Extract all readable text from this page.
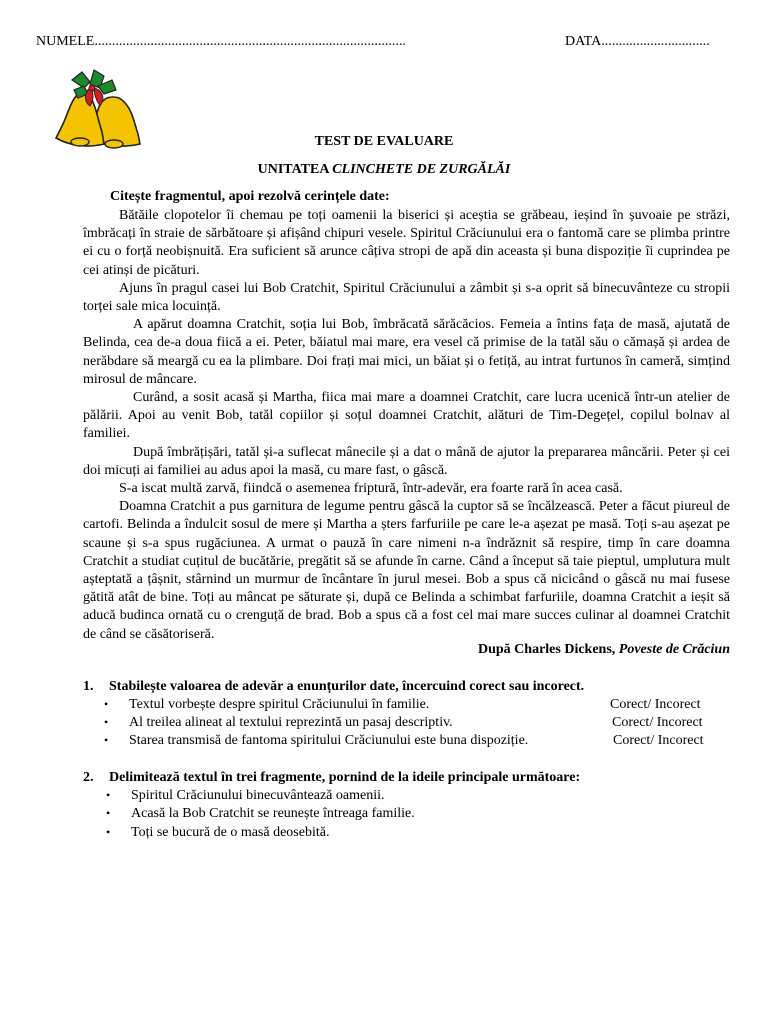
NUMELE.........................................................................................	DATA...............................
TEST DE EVALUARE
UNITATEA CLINCHETE DE ZURGĂLĂI
Citește fragmentul, apoi rezolvă cerințele date:

Bătăile clopotelor îi chemau pe toți oamenii la biserici și aceștia se grăbeau, ieșind în șuvoaie pe străzi, îmbrăcați în straie de sărbătoare și afișând chipuri vesele. Spiritul Crăciunului era o fantomă care se plimba printre ei cu o forță neobișnuită. Era suficient să arunce câțiva stropi de apă din aceasta și buna dispoziție îi cuprindea pe cei atinși de picături.

Ajuns în pragul casei lui Bob Cratchit, Spiritul Crăciunului a zâmbit și s-a oprit să binecuvânteze cu stropii torței sale mica locuință.

A apărut doamna Cratchit, soția lui Bob, îmbrăcată sărăcăcios. Femeia a întins fața de masă, ajutată de Belinda, cea de-a doua fiică a ei. Peter, băiatul mai mare, era vesel că primise de la tatăl său o cămașă și ardea de nerăbdare să meargă cu ea la plimbare. Doi frați mai mici, un băiat și o fetiță, au intrat furtunos în cameră, simțind mirosul de mâncare.

Curând, a sosit acasă și Martha, fiica mai mare a doamnei Cratchit, care lucra ucenică într-un atelier de pălării. Apoi au venit Bob, tatăl copiilor și soțul doamnei Cratchit, alături de Tim-Degețel, copilul bolnav al familiei.

După îmbrățișări, tatăl și-a suflecat mânecile și a dat o mână de ajutor la prepararea mâncării. Peter și cei doi micuți ai familiei au adus apoi la masă, cu mare fast, o gâscă.

S-a iscat multă zarvă, fiindcă o asemenea friptură, într-adevăr, era foarte rară în acea casă.

Doamna Cratchit a pus garnitura de legume pentru gâscă la cuptor să se încălzească. Peter a făcut piureul de cartofi. Belinda a îndulcit sosul de mere și Martha a șters farfuriile pe care le-a așezat pe masă. Toți s-au așezat pe scaune și s-a spus rugăciunea. A urmat o pauză în care nimeni n-a îndrăznit să respire, timp în care doamna Cratchit a studiat cuțitul de bucătărie, pregătit să se afunde în carne. Când a început să taie pieptul, umplutura mult așteptată a țâșnit, stârnind un murmur de încântare în jurul mesei. Bob a spus că nicicând o gâscă nu mai fusese gătită atât de bine. Toți au mâncat pe săturate și, după ce Belinda a schimbat farfuriile, doamna Cratchit a ieșit să aducă budinca ornată cu o crenguță de brad. Bob a spus că a fost cel mai mare succes culinar al doamnei Cratchit de când se căsătoriseră.

După Charles Dickens, Poveste de Crăciun
1. Stabilește valoarea de adevăr a enunțurilor date, încercuind corect sau incorect.
• Textul vorbește despre spiritul Crăciunului în familie.
• Al treilea alineat al textului reprezintă un pasaj descriptiv.
• Starea transmisă de fantoma spiritului Crăciunului este buna dispoziție.
Corect/ Incorect
Corect/ Incorect
Corect/ Incorect
2. Delimitează textul în trei fragmente, pornind de la ideile principale următoare:
• Spiritul Crăciunului binecuvântează oamenii.
• Acasă la Bob Cratchit se reunește întreaga familie.
• Toți se bucură de o masă deosebită.
